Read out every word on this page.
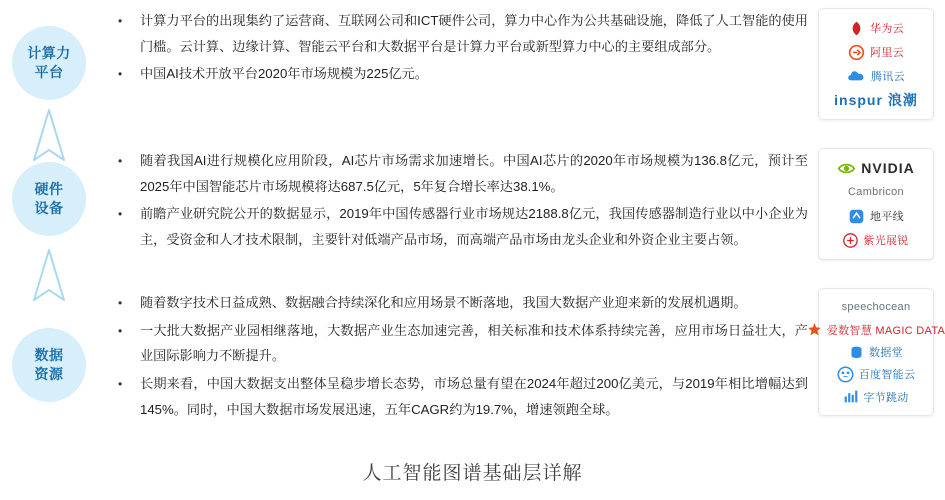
计算力
平台
硬件
设备
数据
资源
•	计算力平台的出现集约了运营商、互联网公司和ICT硬件公司，算力中心作为公共基础设施，降低了人工智能的使用门槛。云计算、边缘计算、智能云平台和大数据平台是计算力平台或新型算力中心的主要组成部分。
•	中国AI技术开放平台2020年市场规模为225亿元。
•	随着我国AI进行规模化应用阶段，AI芯片市场需求加速增长。中国AI芯片的2020年市场规模为136.8亿元，预计至2025年中国智能芯片市场规模将达687.5亿元，5年复合增长率达38.1%。
•	前瞻产业研究院公开的数据显示，2019年中国传感器行业市场规达2188.8亿元，我国传感器制造行业以中小企业为主，受资金和人才技术限制，主要针对低端产品市场，而高端产品市场由龙头企业和外资企业主要占领。
•	随着数字技术日益成熟、数据融合持续深化和应用场景不断落地，我国大数据产业迎来新的发展机遇期。
•	一大批大数据产业园相继落地，大数据产业生态加速完善，相关标准和技术体系持续完善，应用市场日益壮大，产业国际影响力不断提升。
•	长期来看，中国大数据支出整体呈稳步增长态势，市场总量有望在2024年超过200亿美元，与2019年相比增幅达到145%。同时，中国大数据市场发展迅速，五年CAGR约为19.7%，增速领跑全球。
华为云
阿里云
腾讯云
inspur 浪潮
NVIDIA
Cambricon
地平线
紫光展锐
speechocean
爱数智慧 MAGIC DATA
数据堂
百度智能云
字节跳动
人工智能图谱基础层详解
